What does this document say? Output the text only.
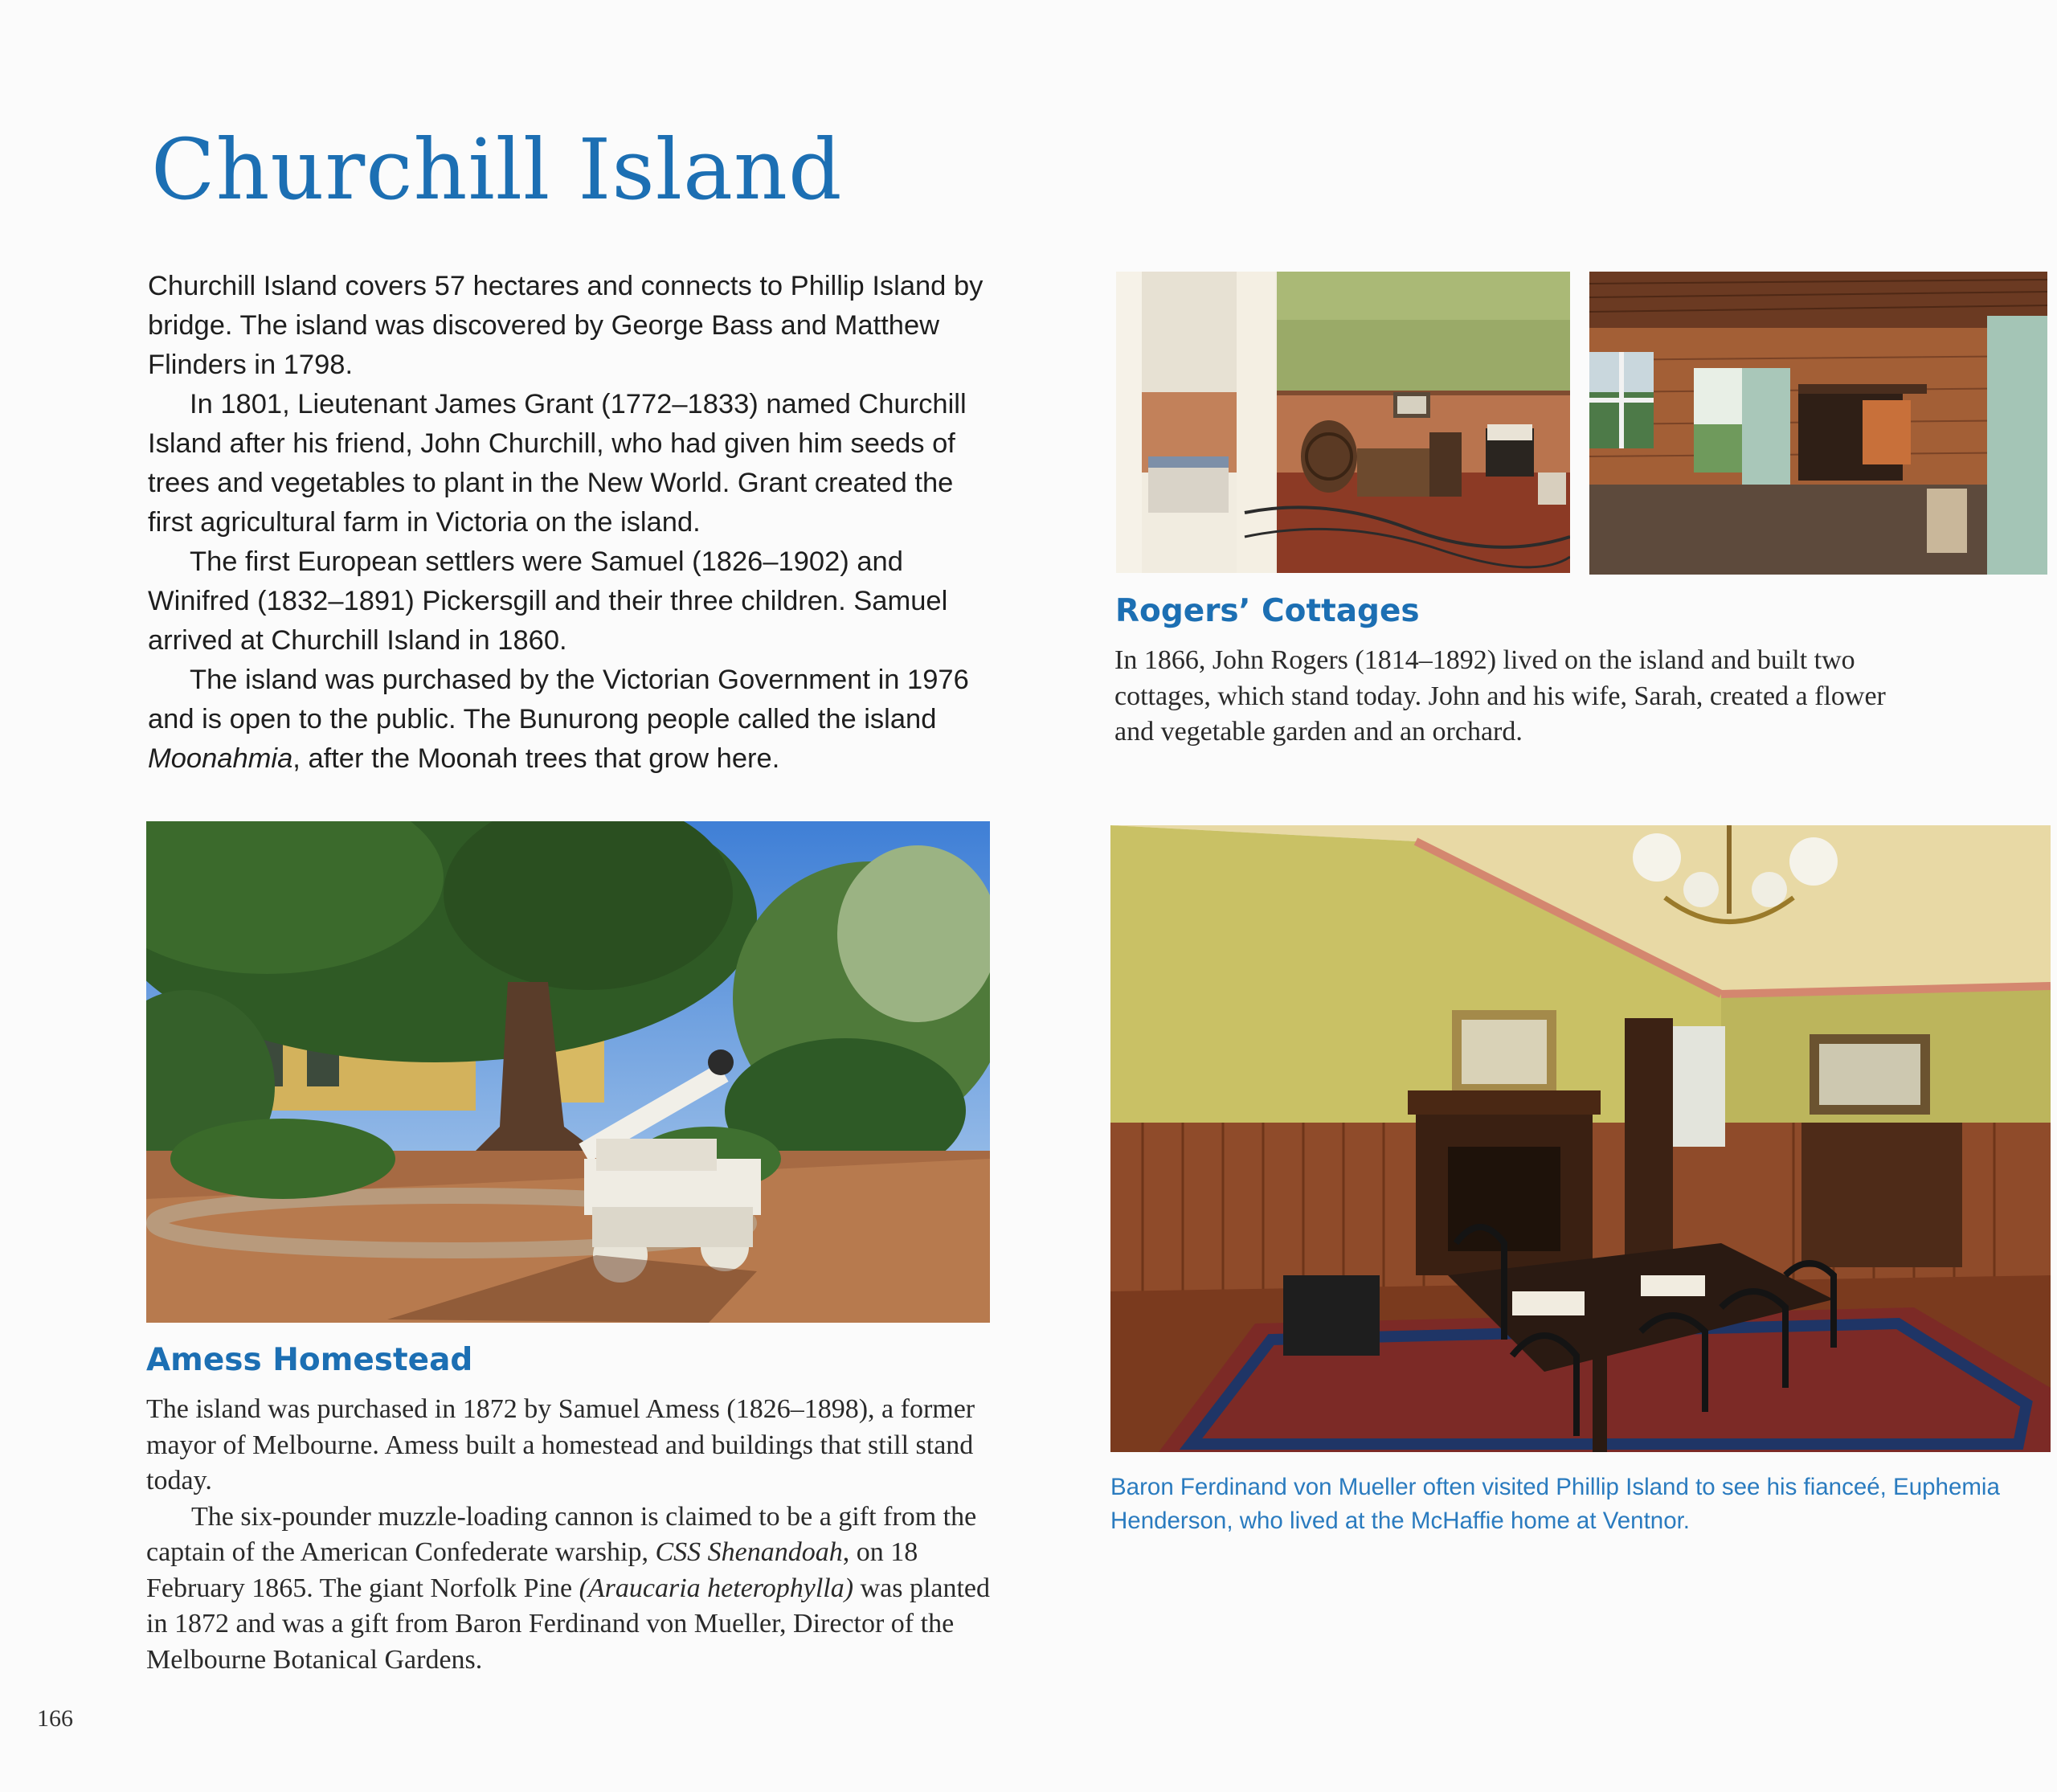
Churchill Island

Churchill Island covers 57 hectares and connects to Phillip Island by bridge. The island was discovered by George Bass and Matthew Flinders in 1798.

In 1801, Lieutenant James Grant (1772–1833) named Churchill Island after his friend, John Churchill, who had given him seeds of trees and vegetables to plant in the New World. Grant created the first agricultural farm in Victoria on the island.

The first European settlers were Samuel (1826–1902) and Winifred (1832–1891) Pickersgill and their three children. Samuel arrived at Churchill Island in 1860.

The island was purchased by the Victorian Government in 1976 and is open to the public. The Bunurong people called the island Moonahmia, after the Moonah trees that grow here.

Rogers’ Cottages

In 1866, John Rogers (1814–1892) lived on the island and built two cottages, which stand today. John and his wife, Sarah, created a flower and vegetable garden and an orchard.

Amess Homestead

The island was purchased in 1872 by Samuel Amess (1826–1898), a former mayor of Melbourne. Amess built a homestead and buildings that still stand today.

The six-pounder muzzle-loading cannon is claimed to be a gift from the captain of the American Confederate warship, CSS Shenandoah, on 18 February 1865. The giant Norfolk Pine (Araucaria heterophylla) was planted in 1872 and was a gift from Baron Ferdinand von Mueller, Director of the Melbourne Botanical Gardens.

Baron Ferdinand von Mueller often visited Phillip Island to see his fianceé, Euphemia Henderson, who lived at the McHaffie home at Ventnor.

166
